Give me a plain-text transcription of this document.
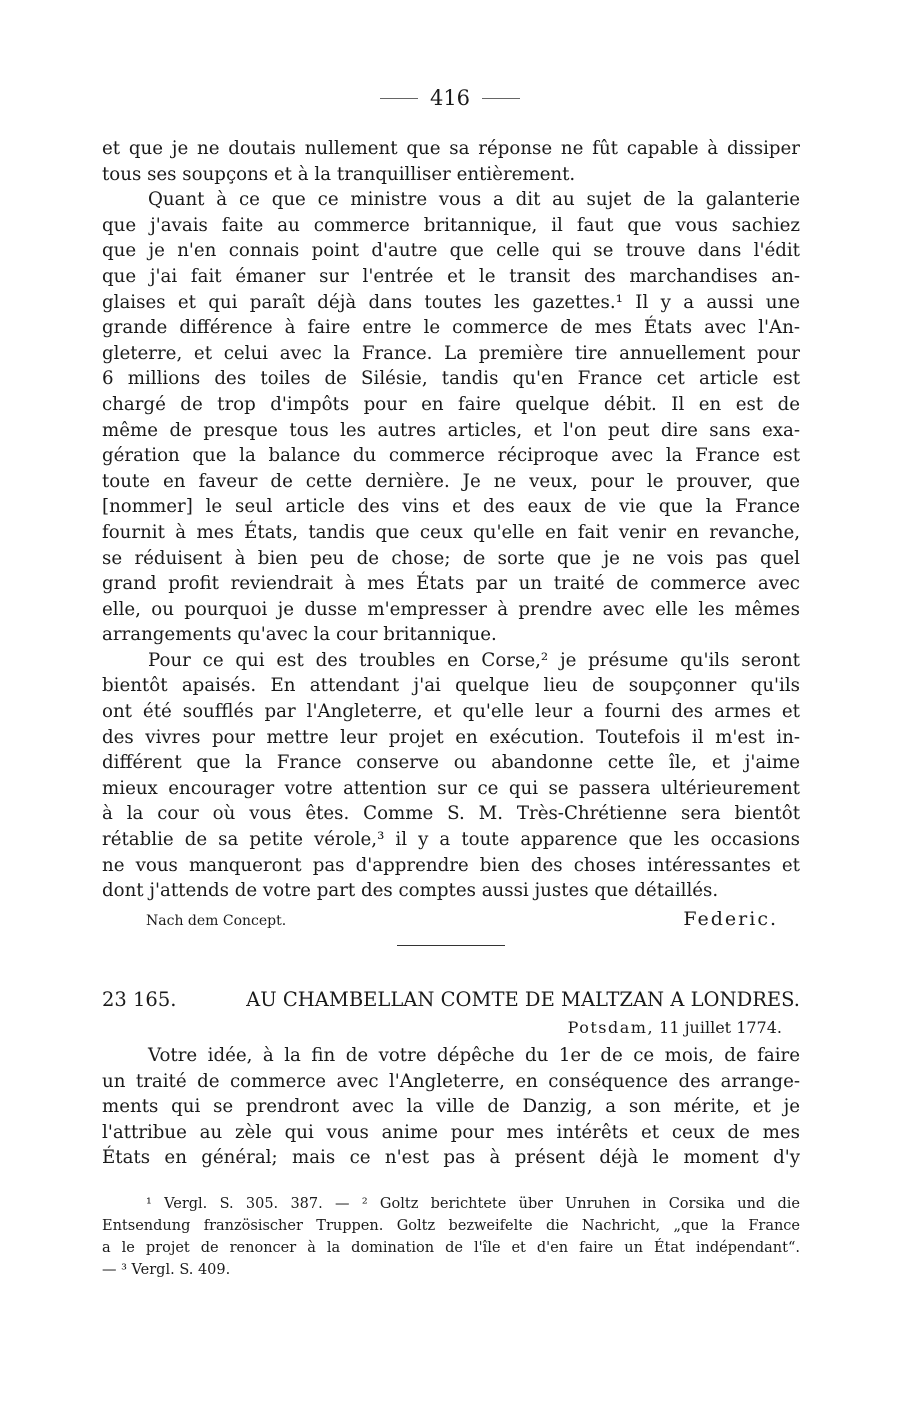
416
et que je ne doutais nullement que sa réponse ne fût capable à dissiper
tous ses soupçons et à la tranquilliser entièrement.
Quant à ce que ce ministre vous a dit au sujet de la galanterie
que j'avais faite au commerce britannique, il faut que vous sachiez
que je n'en connais point d'autre que celle qui se trouve dans l'édit
que j'ai fait émaner sur l'entrée et le transit des marchandises an-
glaises et qui paraît déjà dans toutes les gazettes.¹ Il y a aussi une
grande différence à faire entre le commerce de mes États avec l'An-
gleterre, et celui avec la France. La première tire annuellement pour
6 millions des toiles de Silésie, tandis qu'en France cet article est
chargé de trop d'impôts pour en faire quelque débit. Il en est de
même de presque tous les autres articles, et l'on peut dire sans exa-
gération que la balance du commerce réciproque avec la France est
toute en faveur de cette dernière. Je ne veux, pour le prouver, que
[nommer] le seul article des vins et des eaux de vie que la France
fournit à mes États, tandis que ceux qu'elle en fait venir en revanche,
se réduisent à bien peu de chose; de sorte que je ne vois pas quel
grand profit reviendrait à mes États par un traité de commerce avec
elle, ou pourquoi je dusse m'empresser à prendre avec elle les mêmes
arrangements qu'avec la cour britannique.
Pour ce qui est des troubles en Corse,² je présume qu'ils seront
bientôt apaisés. En attendant j'ai quelque lieu de soupçonner qu'ils
ont été soufflés par l'Angleterre, et qu'elle leur a fourni des armes et
des vivres pour mettre leur projet en exécution. Toutefois il m'est in-
différent que la France conserve ou abandonne cette île, et j'aime
mieux encourager votre attention sur ce qui se passera ultérieurement
à la cour où vous êtes. Comme S. M. Très-Chrétienne sera bientôt
rétablie de sa petite vérole,³ il y a toute apparence que les occasions
ne vous manqueront pas d'apprendre bien des choses intéressantes et
dont j'attends de votre part des comptes aussi justes que détaillés.
Nach dem Concept.	Federic.
23 165.	AU CHAMBELLAN COMTE DE MALTZAN A LONDRES.
Potsdam, 11 juillet 1774.
Votre idée, à la fin de votre dépêche du 1er de ce mois, de faire
un traité de commerce avec l'Angleterre, en conséquence des arrange-
ments qui se prendront avec la ville de Danzig, a son mérite, et je
l'attribue au zèle qui vous anime pour mes intérêts et ceux de mes
États en général; mais ce n'est pas à présent déjà le moment d'y
¹ Vergl. S. 305. 387. — ² Goltz berichtete über Unruhen in Corsika und die
Entsendung französischer Truppen. Goltz bezweifelte die Nachricht, „que la France
a le projet de renoncer à la domination de l'île et d'en faire un État indépendant“.
— ³ Vergl. S. 409.
